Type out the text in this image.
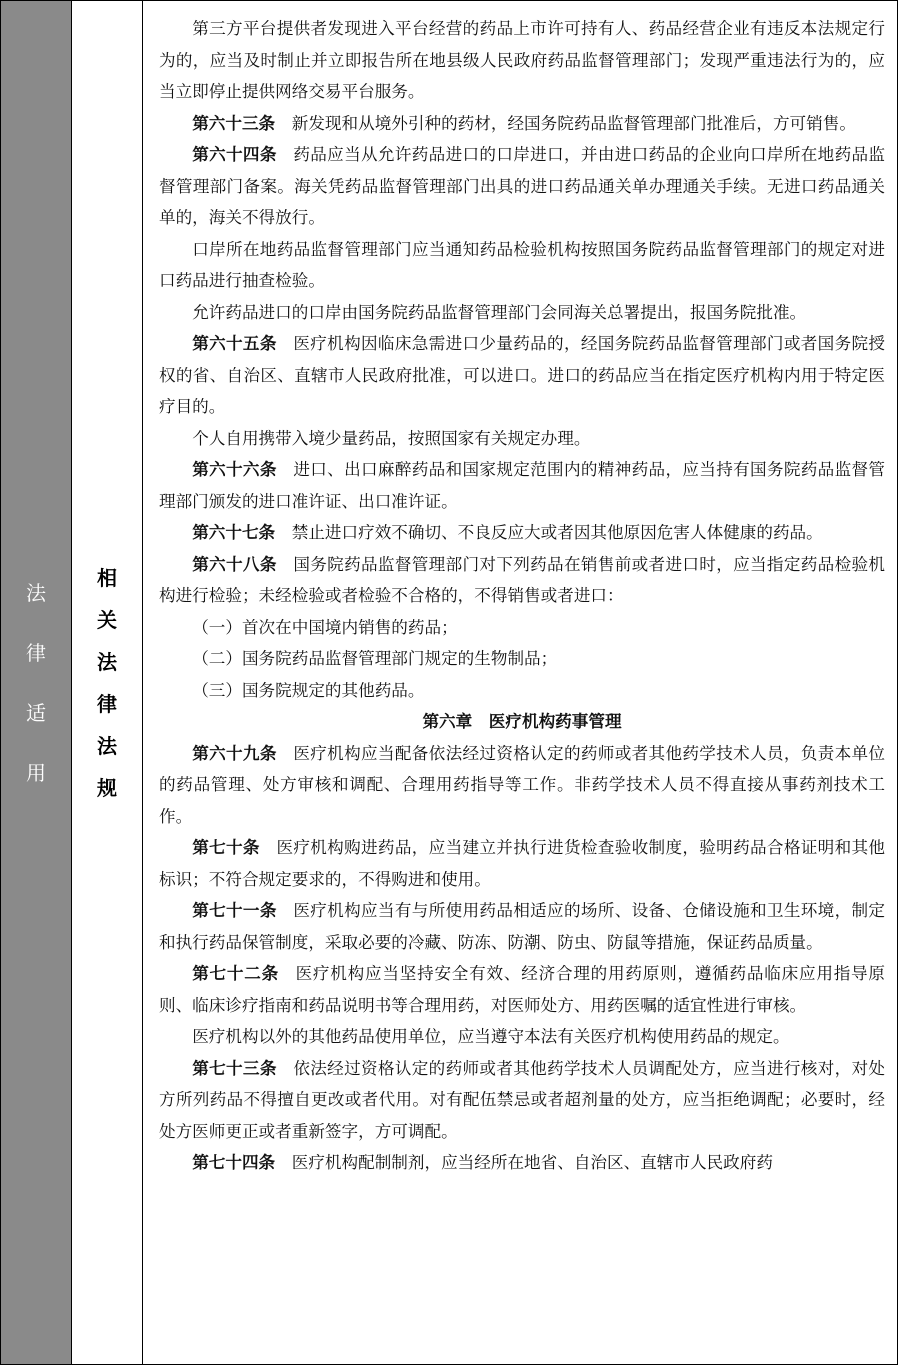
法
律
适
用
相
关
法
律
法
规

第三方平台提供者发现进入平台经营的药品上市许可持有人、药品经营企业有违反本法规定行为的，应当及时制止并立即报告所在地县级人民政府药品监督管理部门；发现严重违法行为的，应当立即停止提供网络交易平台服务。

第六十三条 新发现和从境外引种的药材，经国务院药品监督管理部门批准后，方可销售。

第六十四条 药品应当从允许药品进口的口岸进口，并由进口药品的企业向口岸所在地药品监督管理部门备案。海关凭药品监督管理部门出具的进口药品通关单办理通关手续。无进口药品通关单的，海关不得放行。

口岸所在地药品监督管理部门应当通知药品检验机构按照国务院药品监督管理部门的规定对进口药品进行抽查检验。

允许药品进口的口岸由国务院药品监督管理部门会同海关总署提出，报国务院批准。

第六十五条 医疗机构因临床急需进口少量药品的，经国务院药品监督管理部门或者国务院授权的省、自治区、直辖市人民政府批准，可以进口。进口的药品应当在指定医疗机构内用于特定医疗目的。

个人自用携带入境少量药品，按照国家有关规定办理。

第六十六条 进口、出口麻醉药品和国家规定范围内的精神药品，应当持有国务院药品监督管理部门颁发的进口准许证、出口准许证。

第六十七条 禁止进口疗效不确切、不良反应大或者因其他原因危害人体健康的药品。

第六十八条 国务院药品监督管理部门对下列药品在销售前或者进口时，应当指定药品检验机构进行检验；未经检验或者检验不合格的，不得销售或者进口：

（一）首次在中国境内销售的药品；

（二）国务院药品监督管理部门规定的生物制品；

（三）国务院规定的其他药品。

第六章　医疗机构药事管理

第六十九条 医疗机构应当配备依法经过资格认定的药师或者其他药学技术人员，负责本单位的药品管理、处方审核和调配、合理用药指导等工作。非药学技术人员不得直接从事药剂技术工作。

第七十条 医疗机构购进药品，应当建立并执行进货检查验收制度，验明药品合格证明和其他标识；不符合规定要求的，不得购进和使用。

第七十一条 医疗机构应当有与所使用药品相适应的场所、设备、仓储设施和卫生环境，制定和执行药品保管制度，采取必要的冷藏、防冻、防潮、防虫、防鼠等措施，保证药品质量。

第七十二条 医疗机构应当坚持安全有效、经济合理的用药原则，遵循药品临床应用指导原则、临床诊疗指南和药品说明书等合理用药，对医师处方、用药医嘱的适宜性进行审核。

医疗机构以外的其他药品使用单位，应当遵守本法有关医疗机构使用药品的规定。

第七十三条 依法经过资格认定的药师或者其他药学技术人员调配处方，应当进行核对，对处方所列药品不得擅自更改或者代用。对有配伍禁忌或者超剂量的处方，应当拒绝调配；必要时，经处方医师更正或者重新签字，方可调配。

第七十四条 医疗机构配制制剂，应当经所在地省、自治区、直辖市人民政府药
